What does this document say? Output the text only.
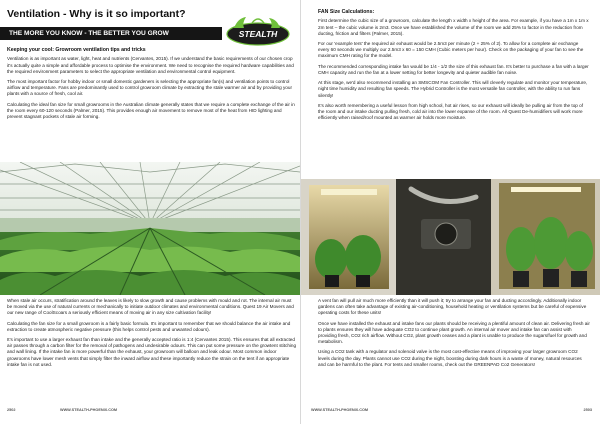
Ventilation - Why is it so important?
THE MORE YOU KNOW - THE BETTER YOU GROW	STEALTH
Keeping your cool: Growroom ventilation tips and tricks

Ventilation is as important as water, light, heat and nutrients (Cervantes, 2015). If we understand the basic requirements of our chosen crop it's actually quite a simple and affordable process to optimise the environment. We need to recognise the required hardware capabilities and the required environment parameters to select the appropriate ventilation and environmental control equipment.

The most important factor for hobby indoor or small domestic gardeners is selecting the appropriate fan(s) and ventilation points to control airflow and temperature. Fans are predominantly used to control growroom climate by extracting the stale warmer air and by providing your plants with a source of fresh, cool air.

Calculating the ideal fan size for small growrooms in the Australian climate generally states that we require a complete exchange of the air in the room every 60-120 seconds (Palmer, 2015). This provides enough air movement to remove most of the heat from HID lighting and prevent stagnant pockets of stale air forming.

When stale air occurs, stratification around the leaves is likely to slow growth and cause problems with mould and rot. The internal air must be moved via the use of natural currents or mechanically to initiate outdoor climates and environmental conditions. Quest 19 Air Movers and our new range of CoolScoars a seriously efficient means of moving air in any size cultivation facility!

Calculating the fan size for a small growroom is a fairly basic formula. It's important to remember that we should balance the air intake and extraction to create atmospheric negative pressure (this helps control pests and unwanted odours).

It's important to use a larger exhaust fan than intake and the generally accepted ratio is 1:4 (Cervantes 2015). This ensures that all extracted air passes through a carbon filter for the removal of pathogens and undesirable odours. This can put some pressure on the growtent stitching and wall lining. If the intake fan is more powerful than the exhaust, your growroom will balloon and leak odour. Most common indoor growrooms have lower mesh vents that simply filter the inward airflow and these importantly reduce the strain on the tent if an appropriate intake fan is not used.

2502	WWW.STEALTH-PHOENIX.COM
FAN Size Calculations:

First determine the cubic size of a growroom, calculate the length x width x height of the area. For example, if you have a 1m x 1m x 2m tent – the cubic volume is 2m3. Once we have established the volume of the room we add 25% to factor in the reduction from ducting, friction and filters (Palmer, 2015).

For our 'example tent' the required air exhaust would be 2.5m3 per minute (2 + 25% of 2). To allow for a complete air exchange every 60 seconds we multiply our 2.5m3 x 60 = 150 CMH (Cubic meters per hour). Check on the packaging of your fan to see the maximum CMH rating for the model.

The recommended corresponding intake fan would be 1/4 - 1/2 the size of this exhaust fan. It's better to purchase a fan with a larger CMH capacity and run the fan at a lower setting for better longevity and quieter audible fan noise.

At this stage, we'd also recommend installing an SMSCOM Fan Controller. This will cleverly regulate and monitor your temperature, night time humidity and resulting fan speeds. The Hybrid Controller is the most versatile fan controller, with the ability to run fans silently!

It's also worth remembering a useful lesson from high school, hot air rises, so our exhaust will ideally be pulling air from the top of the room and our intake ducting pulling fresh, cold air into the lower expanse of the room. All Quest De-humidifiers will work more efficiently when raised/roof mounted as warmer air holds more moisture.

A vent fan will pull air much more efficiently than it will push it; try to arrange your fan and ducting accordingly. Additionally indoor gardens can often take advantage of existing air-conditioning, household heating or ventilation systems but be careful of expensive operating costs for these units!

Once we have installed the exhaust and intake fans our plants should be receiving a plentiful amount of clean air. Delivering fresh air to plants ensures they will have adequate CO2 to continue plant growth. An internal air mover and intake fan can assist with providing fresh, CO2 rich airflow. Without CO2, plant growth ceases and a plant is unable to produce the sugars/fuel for growth and metabolism.

Using a CO2 tank with a regulator and solenoid valve is the most cost-effective means of improving your larger growroom CO2 levels during the day. Plants cannot use CO2 during the night, boosting during dark hours is a waste of money, natural resources and can be harmful to the plant. For tents and smaller rooms, check out the GREENPAD Co2 Generators!

WWW.STEALTH-PHOENIX.COM	2503
